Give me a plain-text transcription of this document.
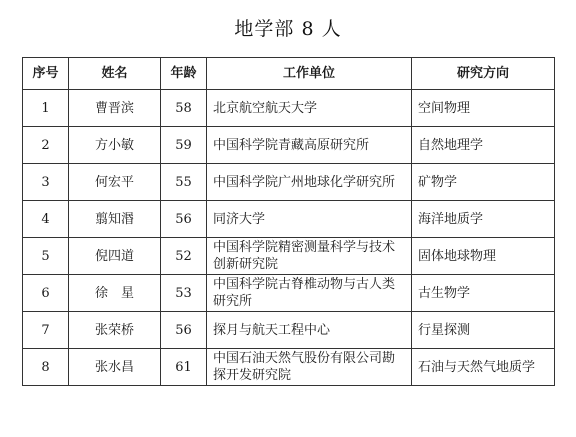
地学部 8 人
序号	姓名	年龄	工作单位	研究方向
1	曹晋滨	58	北京航空航天大学	空间物理
2	方小敏	59	中国科学院青藏高原研究所	自然地理学
3	何宏平	55	中国科学院广州地球化学研究所	矿物学
4	翦知湣	56	同济大学	海洋地质学
5	倪四道	52	中国科学院精密测量科学与技术创新研究院	固体地球物理
6	徐　星	53	中国科学院古脊椎动物与古人类研究所	古生物学
7	张荣桥	56	探月与航天工程中心	行星探测
8	张水昌	61	中国石油天然气股份有限公司勘探开发研究院	石油与天然气地质学
